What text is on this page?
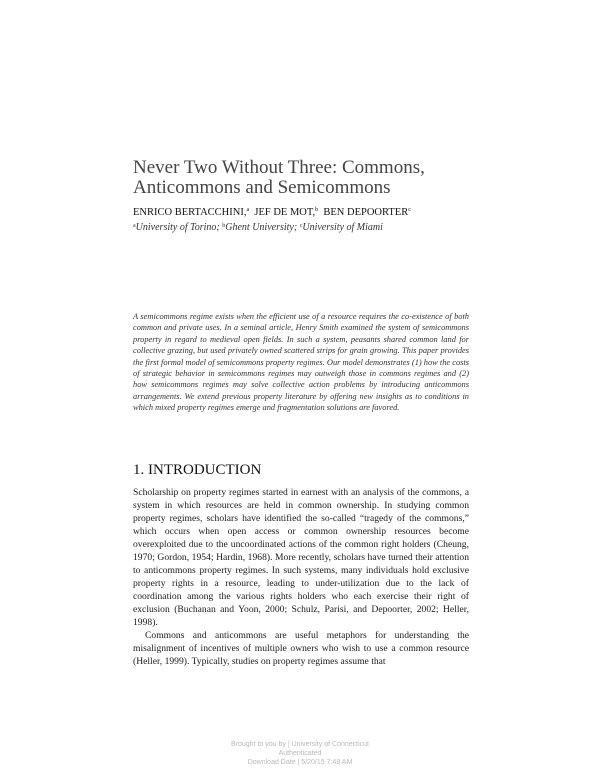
Never Two Without Three: Commons,
Anticommons and Semicommons
ENRICO BERTACCHINI,$^a$ JEF DE MOT,$^b$ BEN DEPOORTER$^c$
$^a$University of Torino; $^b$Ghent University; $^c$University of Miami

A semicommons regime exists when the efficient use of a resource requires the co-existence of both common and private uses. In a seminal article, Henry Smith examined the system of semicommons property in regard to medieval open fields. In such a system, peasants shared common land for collective grazing, but used privately owned scattered strips for grain growing. This paper provides the first formal model of semicommons property regimes. Our model demonstrates (1) how the costs of strategic behavior in semicommons regimes may outweigh those in commons regimes and (2) how semicommons regimes may solve collective action problems by introducing anticommons arrangements. We extend previous property literature by offering new insights as to conditions in which mixed property regimes emerge and fragmentation solutions are favored.

1. INTRODUCTION

Scholarship on property regimes started in earnest with an analysis of the commons, a system in which resources are held in common ownership. In studying common property regimes, scholars have identified the so-called “tragedy of the commons,” which occurs when open access or common ownership resources become overexploited due to the uncoordinated actions of the common right holders (Cheung, 1970; Gordon, 1954; Hardin, 1968). More recently, scholars have turned their attention to anticommons property regimes. In such systems, many individuals hold exclusive property rights in a resource, leading to under-utilization due to the lack of coordination among the various rights holders who each exercise their right of exclusion (Buchanan and Yoon, 2000; Schulz, Parisi, and Depoorter, 2002; Heller, 1998).

Commons and anticommons are useful metaphors for understanding the misalignment of incentives of multiple owners who wish to use a common resource (Heller, 1999). Typically, studies on property regimes assume that

Brought to you by | University of Connecticut
Authenticated
Download Date | 5/20/15 7:48 AM
